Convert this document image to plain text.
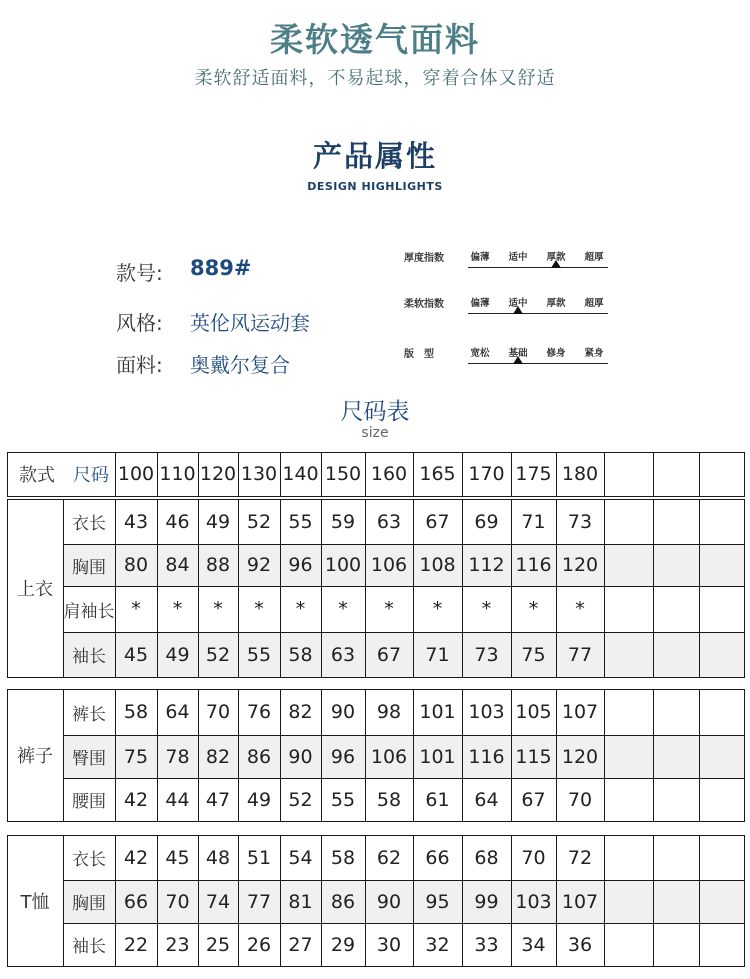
柔软透气面料
柔软舒适面料，不易起球，穿着合体又舒适
产品属性
DESIGN HIGHLIGHTS
款号: 889#
风格: 英伦风运动套
面料: 奥戴尔复合
厚度指数	偏薄 适中 厚款 超厚
柔软指数	偏薄 适中 厚款 超厚
版　型	宽松 基础 修身 紧身
尺码表
size
款式	尺码 100 110 120 130 140 150 160 165 170 175 180
上衣
衣长 43 46 49 52 55 59	63	67	69	71	73
胸围 80 84 88 92 96 100 106 108 112 116 120
肩袖长 *	*	*	*	*	*	*	*	*	*	*
袖长 45 49 52 55 58 63	67	71	73	75	77
裤子
裤长 58 64 70 76 82 90	98 101 103 105 107
臀围 75 78 82 86 90 96 106 101 116 115 120
腰围 42 44 47 49 52 55	58	61	64	67	70
T恤
衣长 42 45 48 51 54 58	62	66	68	70	72
胸围 66 70 74 77 81 86	90	95	99 103 107
袖长 22 23 25 26 27 29	30	32	33	34	36
